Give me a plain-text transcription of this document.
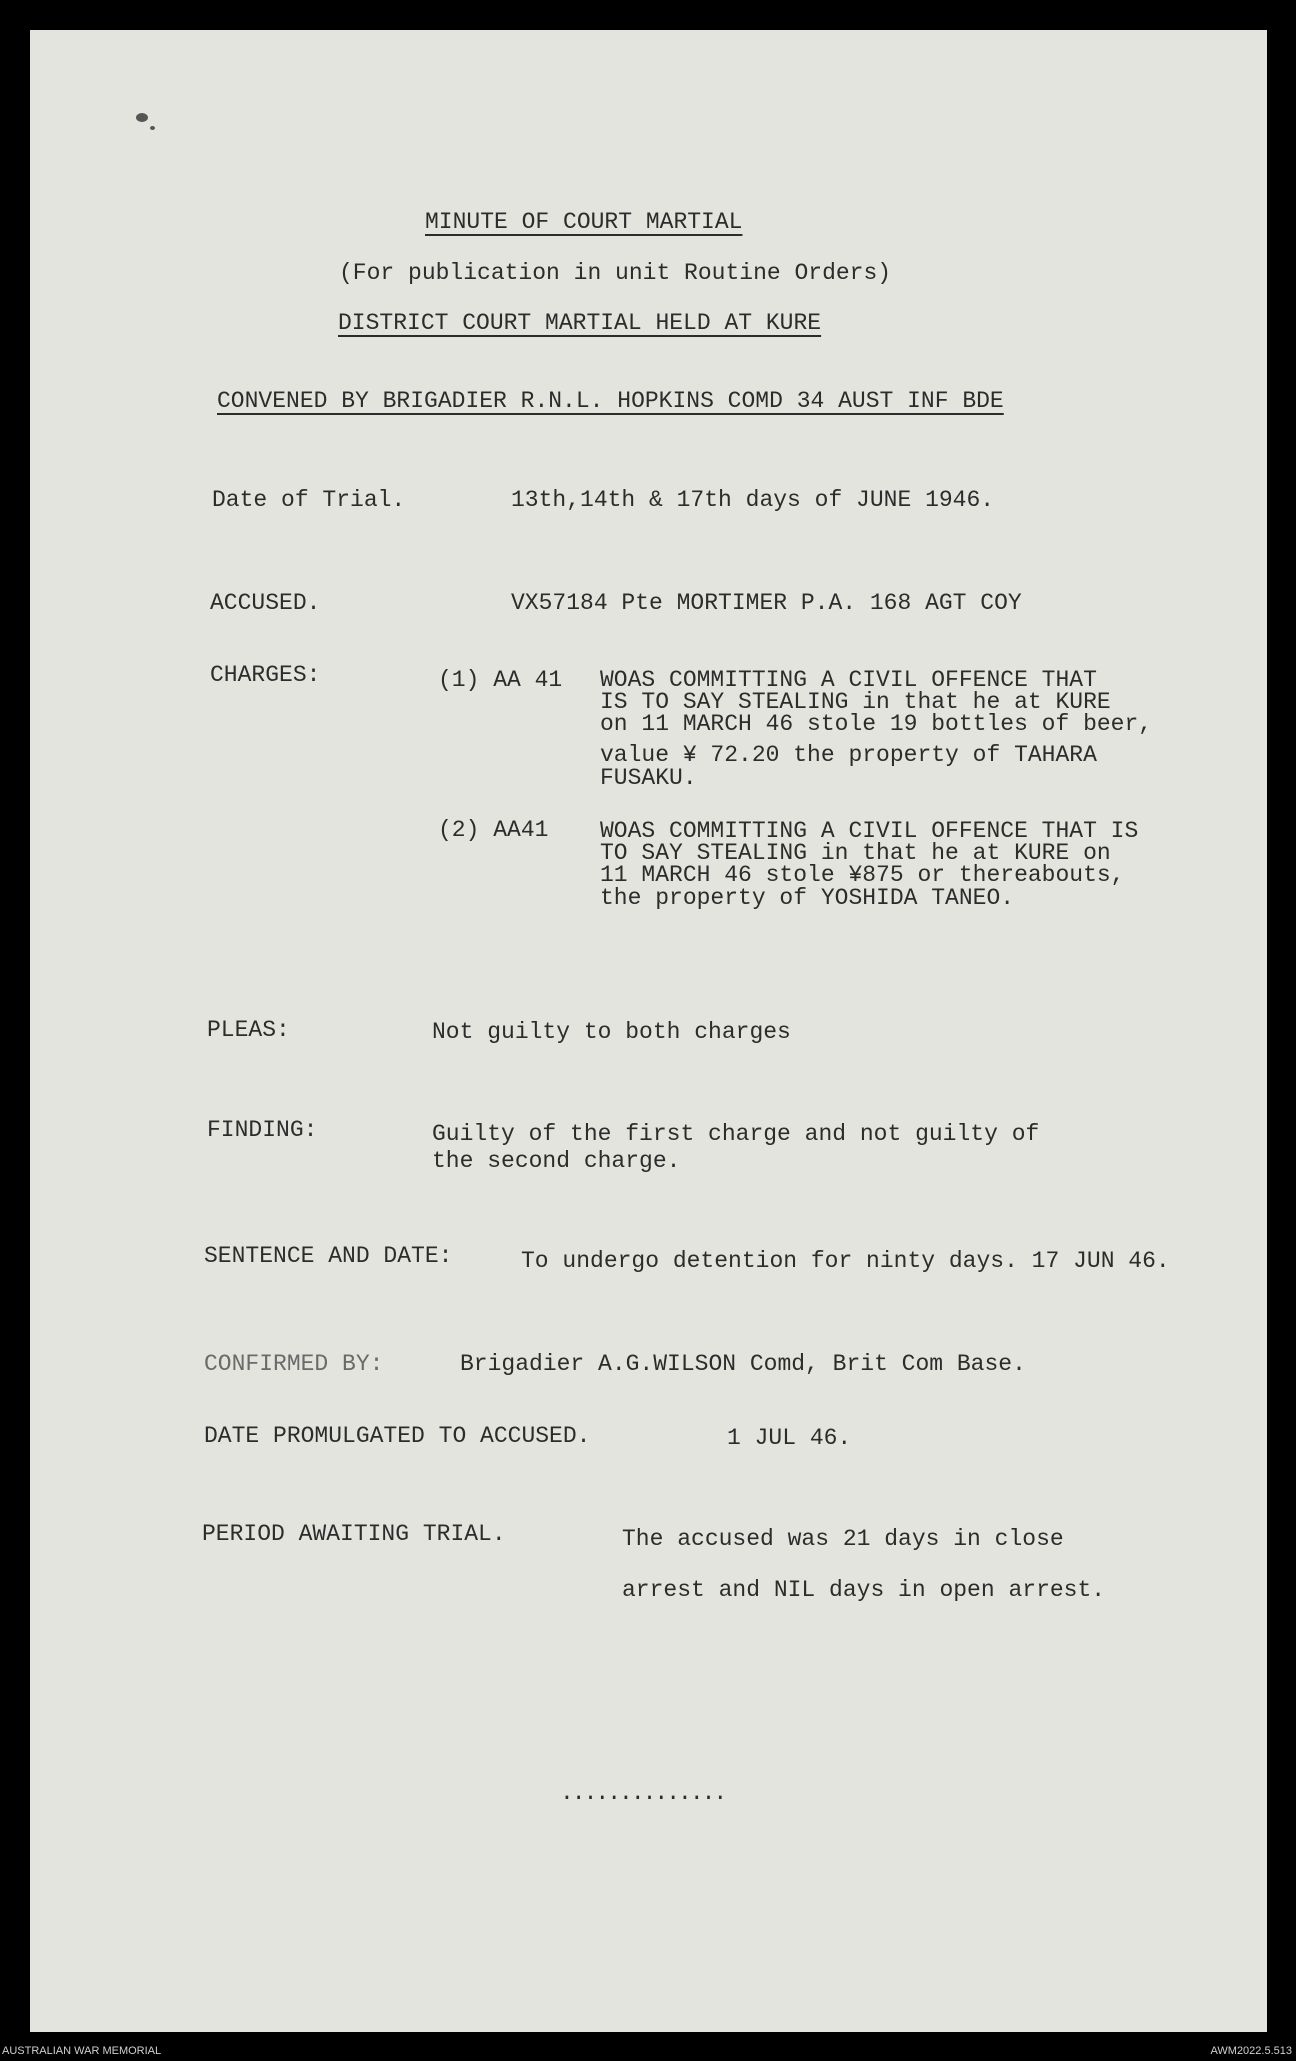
MINUTE OF COURT MARTIAL
(For publication in unit Routine Orders)
DISTRICT COURT MARTIAL HELD AT KURE
CONVENED BY BRIGADIER R.N.L. HOPKINS COMD 34 AUST INF BDE
Date of Trial.	13th,14th & 17th days of JUNE 1946.
ACCUSED.	VX57184 Pte MORTIMER P.A. 168 AGT COY
CHARGES:	(1) AA 41 WOAS COMMITTING A CIVIL OFFENCE THAT
IS TO SAY STEALING in that he at KURE
on 11 MARCH 46 stole 19 bottles of beer,
value ¥ 72.20 the property of TAHARA
FUSAKU.
(2) AA41 WOAS COMMITTING A CIVIL OFFENCE THAT IS
TO SAY STEALING in that he at KURE on
11 MARCH 46 stole ¥875 or thereabouts,
the property of YOSHIDA TANEO.
PLEAS:	Not guilty to both charges
FINDING:	Guilty of the first charge and not guilty of
the second charge.
SENTENCE AND DATE:	To undergo detention for ninty days. 17 JUN 46.
CONFIRMED BY:	Brigadier A.G.WILSON Comd, Brit Com Base.
DATE PROMULGATED TO ACCUSED.	1 JUL 46.
PERIOD AWAITING TRIAL.	The accused was 21 days in close
arrest and NIL days in open arrest.
..............
AUSTRALIAN WAR MEMORIAL	AWM2022.5.513
